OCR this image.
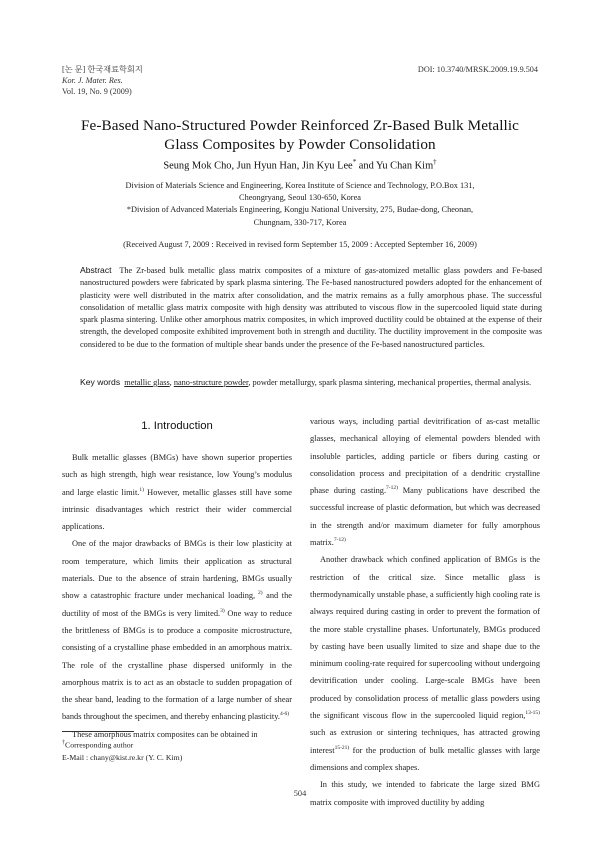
[논 문] 한국재료학회지
Kor. J. Mater. Res.
Vol. 19, No. 9 (2009)
DOI: 10.3740/MRSK.2009.19.9.504
Fe-Based Nano-Structured Powder Reinforced Zr-Based Bulk Metallic
Glass Composites by Powder Consolidation
Seung Mok Cho, Jun Hyun Han, Jin Kyu Lee* and Yu Chan Kim†
Division of Materials Science and Engineering, Korea Institute of Science and Technology, P.O.Box 131,
Cheongryang, Seoul 130-650, Korea
*Division of Advanced Materials Engineering, Kongju National University, 275, Budae-dong, Cheonan,
Chungnam, 330-717, Korea
(Received August 7, 2009 : Received in revised form September 15, 2009 : Accepted September 16, 2009)
Abstract The Zr-based bulk metallic glass matrix composites of a mixture of gas-atomized metallic glass powders and Fe-based nanostructured powders were fabricated by spark plasma sintering. The Fe-based nanostructured powders adopted for the enhancement of plasticity were well distributed in the matrix after consolidation, and the matrix remains as a fully amorphous phase. The successful consolidation of metallic glass matrix composite with high density was attributed to viscous flow in the supercooled liquid state during spark plasma sintering. Unlike other amorphous matrix composites, in which improved ductility could be obtained at the expense of their strength, the developed composite exhibited improvement both in strength and ductility. The ductility improvement in the composite was considered to be due to the formation of multiple shear bands under the presence of the Fe-based nanostructured particles.
Key words metallic glass, nano-structure powder, powder metallurgy, spark plasma sintering, mechanical properties, thermal analysis.
1. Introduction

Bulk metallic glasses (BMGs) have shown superior properties such as high strength, high wear resistance, low Young’s modulus and large elastic limit.$^{1)}$ However, metallic glasses still have some intrinsic disadvantages which restrict their wider commercial applications.

One of the major drawbacks of BMGs is their low plasticity at room temperature, which limits their application as structural materials. Due to the absence of strain hardening, BMGs usually show a catastrophic fracture under mechanical loading, $^{2)}$ and the ductility of most of the BMGs is very limited.$^{3)}$ One way to reduce the brittleness of BMGs is to produce a composite microstructure, consisting of a crystalline phase embedded in an amorphous matrix. The role of the crystalline phase dispersed uniformly in the amorphous matrix is to act as an obstacle to sudden propagation of the shear band, leading to the formation of a large number of shear bands throughout the specimen, and thereby enhancing plasticity.$^{4-6)}$

These amorphous matrix composites can be obtained in

various ways, including partial devitrification of as-cast metallic glasses, mechanical alloying of elemental powders blended with insoluble particles, adding particle or fibers during casting or consolidation process and precipitation of a dendritic crystalline phase during casting.$^{7-12)}$ Many publications have described the successful increase of plastic deformation, but which was decreased in the strength and/or maximum diameter for fully amorphous matrix.$^{7-12)}$

Another drawback which confined application of BMGs is the restriction of the critical size. Since metallic glass is thermodynamically unstable phase, a sufficiently high cooling rate is always required during casting in order to prevent the formation of the more stable crystalline phases. Unfortunately, BMGs produced by casting have been usually limited to size and shape due to the minimum cooling-rate required for supercooling without undergoing devitrification under cooling. Large-scale BMGs have been produced by consolidation process of metallic glass powders using the significant viscous flow in the supercooled liquid region,$^{13-15)}$ such as extrusion or sintering techniques, has attracted growing interest$^{15-21)}$ for the production of bulk metallic glasses with large dimensions and complex shapes.

In this study, we intended to fabricate the large sized BMG matrix composite with improved ductility by adding

†Corresponding author
E-Mail : chany@kist.re.kr (Y. C. Kim)
504
